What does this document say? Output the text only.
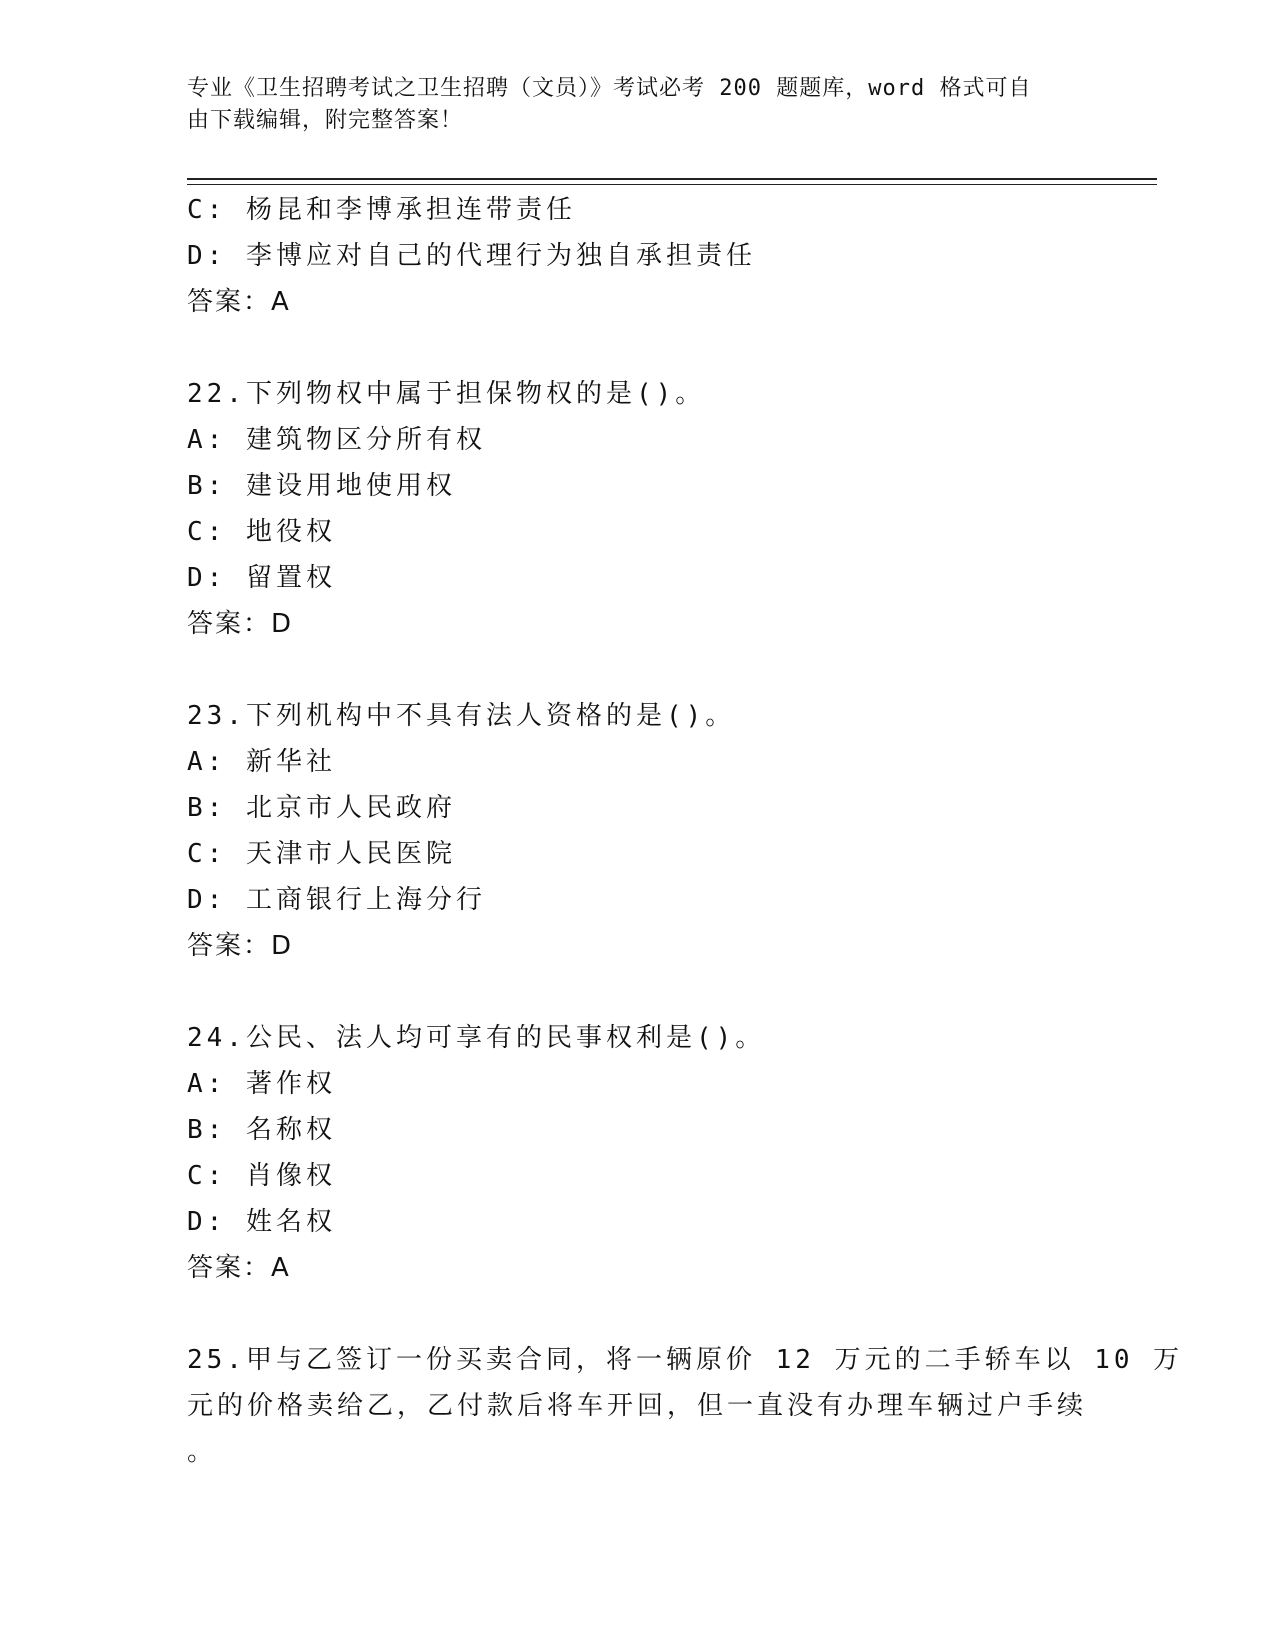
专业《卫生招聘考试之卫生招聘（文员）》考试必考 200 题题库，word 格式可自
由下载编辑，附完整答案！
C: 杨昆和李博承担连带责任
D: 李博应对自己的代理行为独自承担责任
答案：A
22.下列物权中属于担保物权的是()。
A: 建筑物区分所有权
B: 建设用地使用权
C: 地役权
D: 留置权
答案：D
23.下列机构中不具有法人资格的是()。
A: 新华社
B: 北京市人民政府
C: 天津市人民医院
D: 工商银行上海分行
答案：D
24.公民、法人均可享有的民事权利是()。
A: 著作权
B: 名称权
C: 肖像权
D: 姓名权
答案：A
25.甲与乙签订一份买卖合同，将一辆原价 12 万元的二手轿车以 10 万
元的价格卖给乙，乙付款后将车开回，但一直没有办理车辆过户手续
。
